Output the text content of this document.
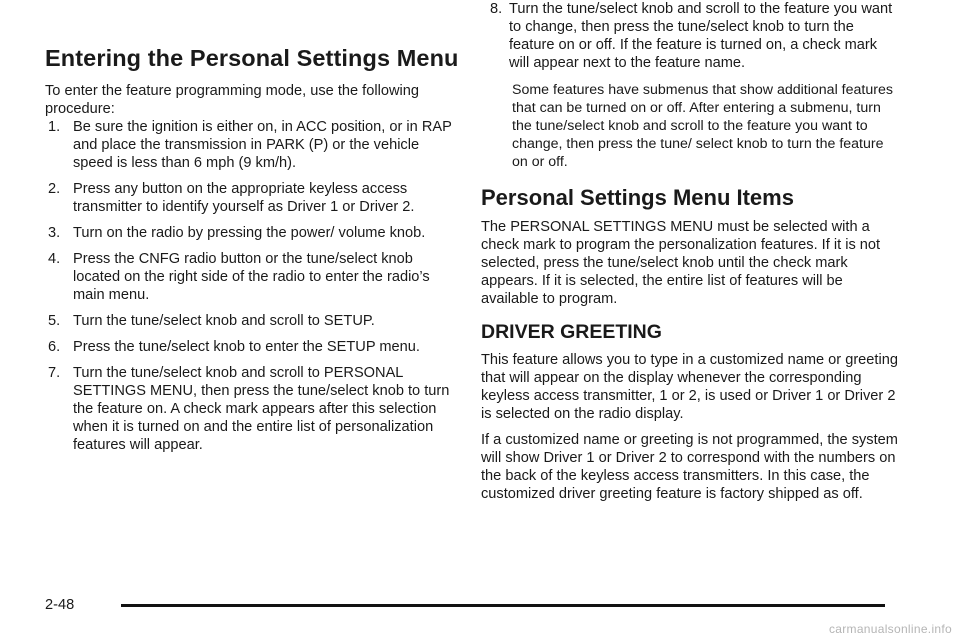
Entering the Personal Settings Menu

To enter the feature programming mode, use the following procedure:

1. Be sure the ignition is either on, in ACC position, or in RAP and place the transmission in PARK (P) or the vehicle speed is less than 6 mph (9 km/h).
2. Press any button on the appropriate keyless access transmitter to identify yourself as Driver 1 or Driver 2.
3. Turn on the radio by pressing the power/ volume knob.
4. Press the CNFG radio button or the tune/select knob located on the right side of the radio to enter the radio’s main menu.
5. Turn the tune/select knob and scroll to SETUP.
6. Press the tune/select knob to enter the SETUP menu.
7. Turn the tune/select knob and scroll to PERSONAL SETTINGS MENU, then press the tune/select knob to turn the feature on. A check mark appears after this selection when it is turned on and the entire list of personalization features will appear.
8. Turn the tune/select knob and scroll to the feature you want to change, then press the tune/select knob to turn the feature on or off. If the feature is turned on, a check mark will appear next to the feature name.

Some features have submenus that show additional features that can be turned on or off. After entering a submenu, turn the tune/select knob and scroll to the feature you want to change, then press the tune/ select knob to turn the feature on or off.

Personal Settings Menu Items

The PERSONAL SETTINGS MENU must be selected with a check mark to program the personalization features. If it is not selected, press the tune/select knob until the check mark appears. If it is selected, the entire list of features will be available to program.

DRIVER GREETING

This feature allows you to type in a customized name or greeting that will appear on the display whenever the corresponding keyless access transmitter, 1 or 2, is used or Driver 1 or Driver 2 is selected on the radio display.

If a customized name or greeting is not programmed, the system will show Driver 1 or Driver 2 to correspond with the numbers on the back of the keyless access transmitters. In this case, the customized driver greeting feature is factory shipped as off.

2-48
carmanualsonline.info
